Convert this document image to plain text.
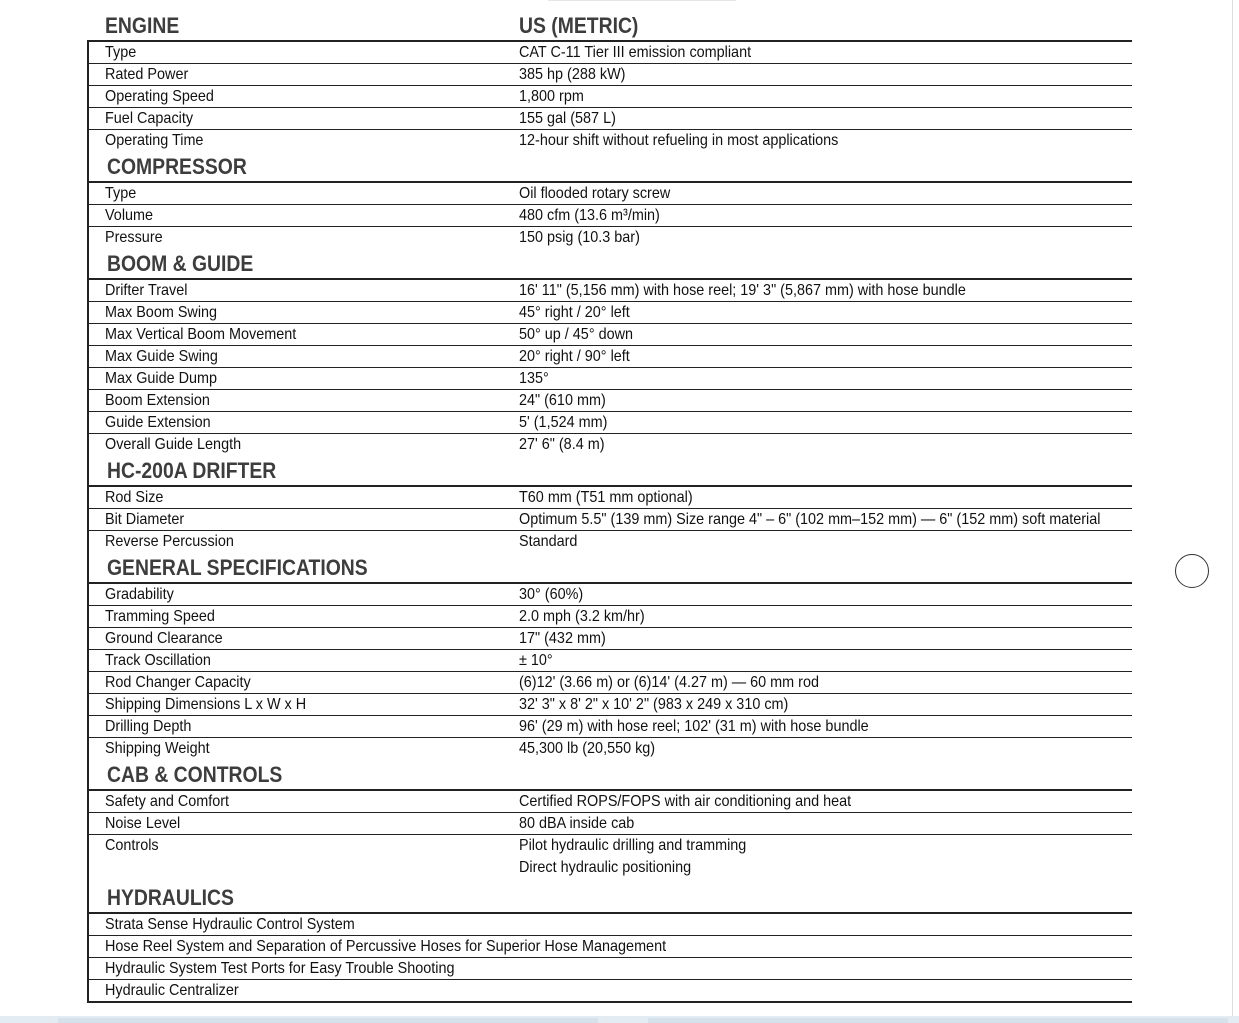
ENGINE	US (METRIC)
Type	CAT C-11 Tier III emission compliant
Rated Power	385 hp (288 kW)
Operating Speed	1,800 rpm
Fuel Capacity	155 gal (587 L)
Operating Time	12-hour shift without refueling in most applications
COMPRESSOR
Type	Oil flooded rotary screw
Volume	480 cfm (13.6 m³/min)
Pressure	150 psig (10.3 bar)
BOOM & GUIDE
Drifter Travel	16' 11" (5,156 mm) with hose reel; 19' 3" (5,867 mm) with hose bundle
Max Boom Swing	45° right / 20° left
Max Vertical Boom Movement	50° up / 45° down
Max Guide Swing	20° right / 90° left
Max Guide Dump	135°
Boom Extension	24" (610 mm)
Guide Extension	5' (1,524 mm)
Overall Guide Length	27' 6" (8.4 m)
HC-200A DRIFTER
Rod Size	T60 mm (T51 mm optional)
Bit Diameter	Optimum 5.5" (139 mm) Size range 4" – 6" (102 mm–152 mm) — 6" (152 mm) soft material
Reverse Percussion	Standard
GENERAL SPECIFICATIONS
Gradability	30° (60%)
Tramming Speed	2.0 mph (3.2 km/hr)
Ground Clearance	17" (432 mm)
Track Oscillation	± 10°
Rod Changer Capacity	(6)12' (3.66 m) or (6)14' (4.27 m) — 60 mm rod
Shipping Dimensions L x W x H	32' 3" x 8' 2" x 10' 2" (983 x 249 x 310 cm)
Drilling Depth	96' (29 m) with hose reel; 102' (31 m) with hose bundle
Shipping Weight	45,300 lb (20,550 kg)
CAB & CONTROLS
Safety and Comfort	Certified ROPS/FOPS with air conditioning and heat
Noise Level	80 dBA inside cab
Controls	Pilot hydraulic drilling and tramming
Direct hydraulic positioning
HYDRAULICS
Strata Sense Hydraulic Control System
Hose Reel System and Separation of Percussive Hoses for Superior Hose Management
Hydraulic System Test Ports for Easy Trouble Shooting
Hydraulic Centralizer
